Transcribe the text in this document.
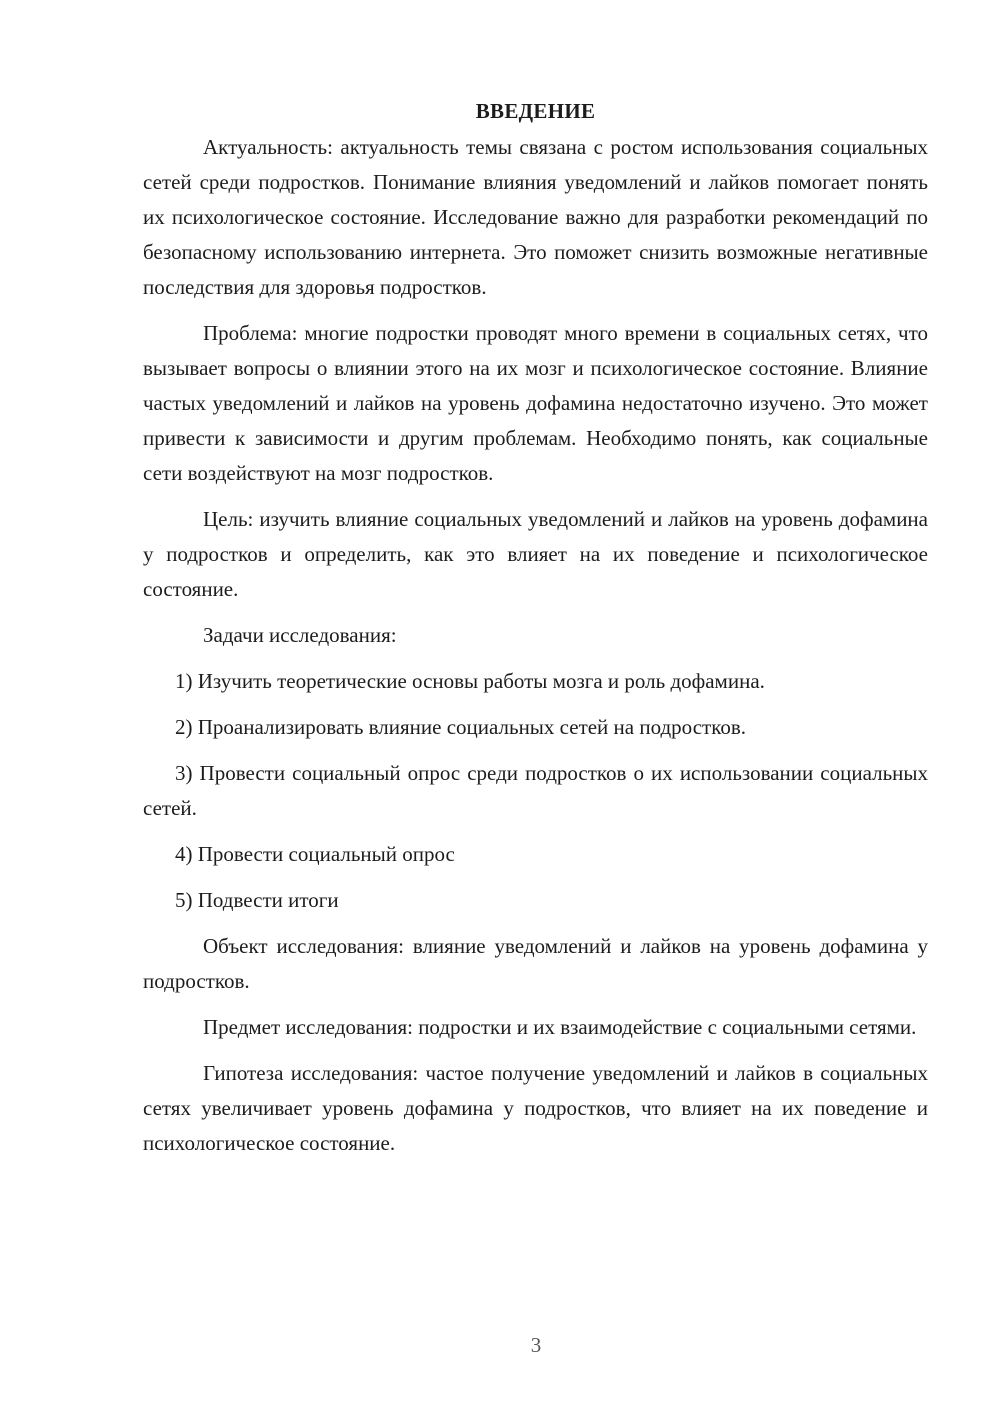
ВВЕДЕНИЕ

Актуальность: актуальность темы связана с ростом использования социальных сетей среди подростков. Понимание влияния уведомлений и лайков помогает понять их психологическое состояние. Исследование важно для разработки рекомендаций по безопасному использованию интернета. Это поможет снизить возможные негативные последствия для здоровья подростков.

Проблема: многие подростки проводят много времени в социальных сетях, что вызывает вопросы о влиянии этого на их мозг и психологическое состояние. Влияние частых уведомлений и лайков на уровень дофамина недостаточно изучено. Это может привести к зависимости и другим проблемам. Необходимо понять, как социальные сети воздействуют на мозг подростков.

Цель: изучить влияние социальных уведомлений и лайков на уровень дофамина у подростков и определить, как это влияет на их поведение и психологическое состояние.

Задачи исследования:

1) Изучить теоретические основы работы мозга и роль дофамина.

2) Проанализировать влияние социальных сетей на подростков.

3) Провести социальный опрос среди подростков о их использовании социальных сетей.

4) Провести социальный опрос

5) Подвести итоги

Объект исследования: влияние уведомлений и лайков на уровень дофамина у подростков.

Предмет исследования: подростки и их взаимодействие с социальными сетями.

Гипотеза исследования: частое получение уведомлений и лайков в социальных сетях увеличивает уровень дофамина у подростков, что влияет на их поведение и психологическое состояние.

3
